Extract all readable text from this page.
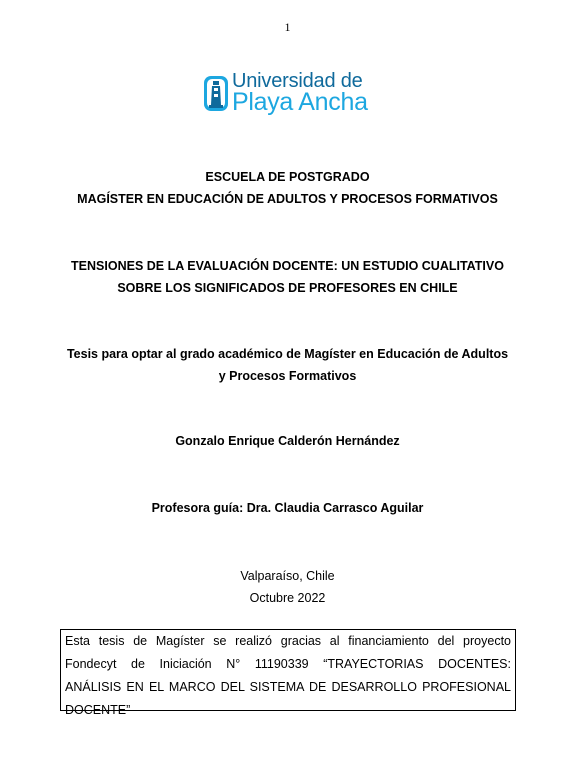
1
Universidad de
Playa Ancha
ESCUELA DE POSTGRADO
MAGÍSTER EN EDUCACIÓN DE ADULTOS Y PROCESOS FORMATIVOS
TENSIONES DE LA EVALUACIÓN DOCENTE: UN ESTUDIO CUALITATIVO
SOBRE LOS SIGNIFICADOS DE PROFESORES EN CHILE
Tesis para optar al grado académico de Magíster en Educación de Adultos
y Procesos Formativos
Gonzalo Enrique Calderón Hernández
Profesora guía: Dra. Claudia Carrasco Aguilar
Valparaíso, Chile
Octubre 2022
Esta tesis de Magíster se realizó gracias al financiamiento del proyecto
Fondecyt de Iniciación N° 11190339 “TRAYECTORIAS DOCENTES:
ANÁLISIS EN EL MARCO DEL SISTEMA DE DESARROLLO PROFESIONAL
DOCENTE”
